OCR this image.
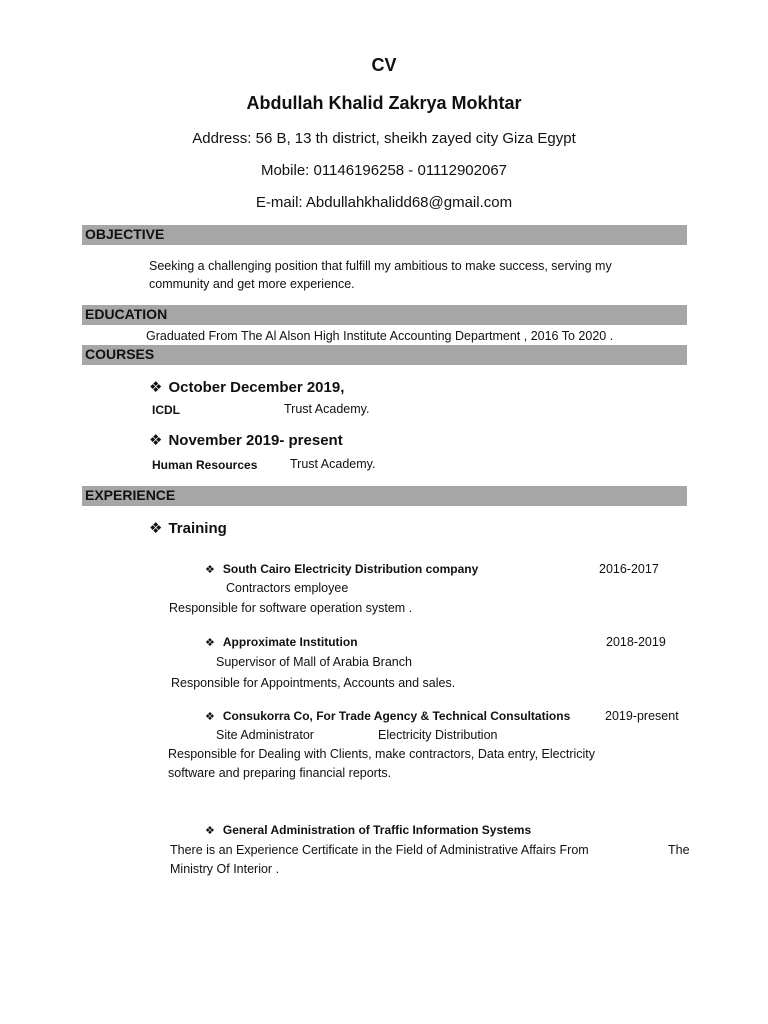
CV
Abdullah Khalid Zakrya Mokhtar
Address: 56 B, 13 th district, sheikh zayed city Giza Egypt
Mobile: 01146196258 - 01112902067
E-mail: Abdullahkhalidd68@gmail.com
OBJECTIVE
Seeking a challenging position that fulfill my ambitious to make success, serving my
community and get more experience.
EDUCATION
Graduated From The Al Alson High Institute Accounting Department , 2016 To 2020 .
COURSES
❖ October December 2019,
ICDL	Trust Academy.
❖ November 2019- present
Human Resources	Trust Academy.
EXPERIENCE
❖ Training
❖ South Cairo Electricity Distribution company	2016-2017
Contractors employee
Responsible for software operation system .
❖ Approximate Institution	2018-2019
Supervisor of Mall of Arabia Branch
Responsible for Appointments, Accounts and sales.
❖ Consukorra Co, For Trade Agency & Technical Consultations	2019-present
Site Administrator	Electricity Distribution
Responsible for Dealing with Clients, make contractors, Data entry, Electricity
software and preparing financial reports.
❖ General Administration of Traffic Information Systems
There is an Experience Certificate in the Field of Administrative Affairs From	The
Ministry Of Interior .
